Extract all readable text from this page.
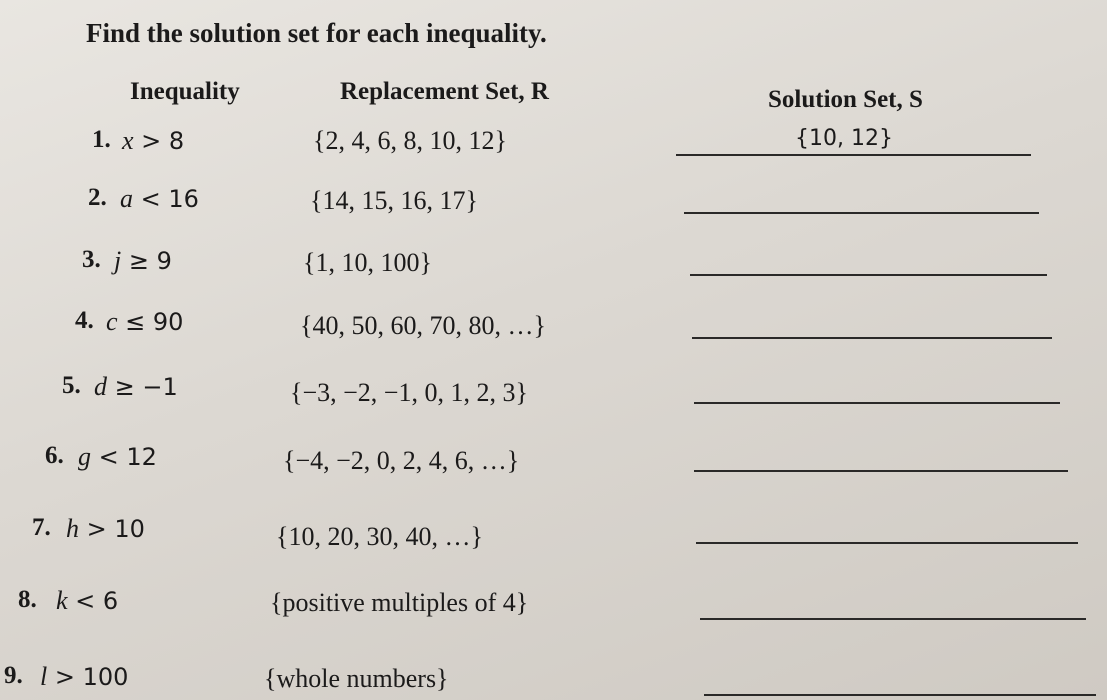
Find the solution set for each inequality.
Inequality	Replacement Set, R	Solution Set, S
1. x > 8	{2, 4, 6, 8, 10, 12}	{10, 12}
2. a < 16	{14, 15, 16, 17}
3. j ≥ 9	{1, 10, 100}
4. c ≤ 90	{40, 50, 60, 70, 80, …}
5. d ≥ −1	{−3, −2, −1, 0, 1, 2, 3}
6. g < 12	{−4, −2, 0, 2, 4, 6, …}
7. h > 10	{10, 20, 30, 40, …}
8. k < 6	{positive multiples of 4}
9. l > 100	{whole numbers}
